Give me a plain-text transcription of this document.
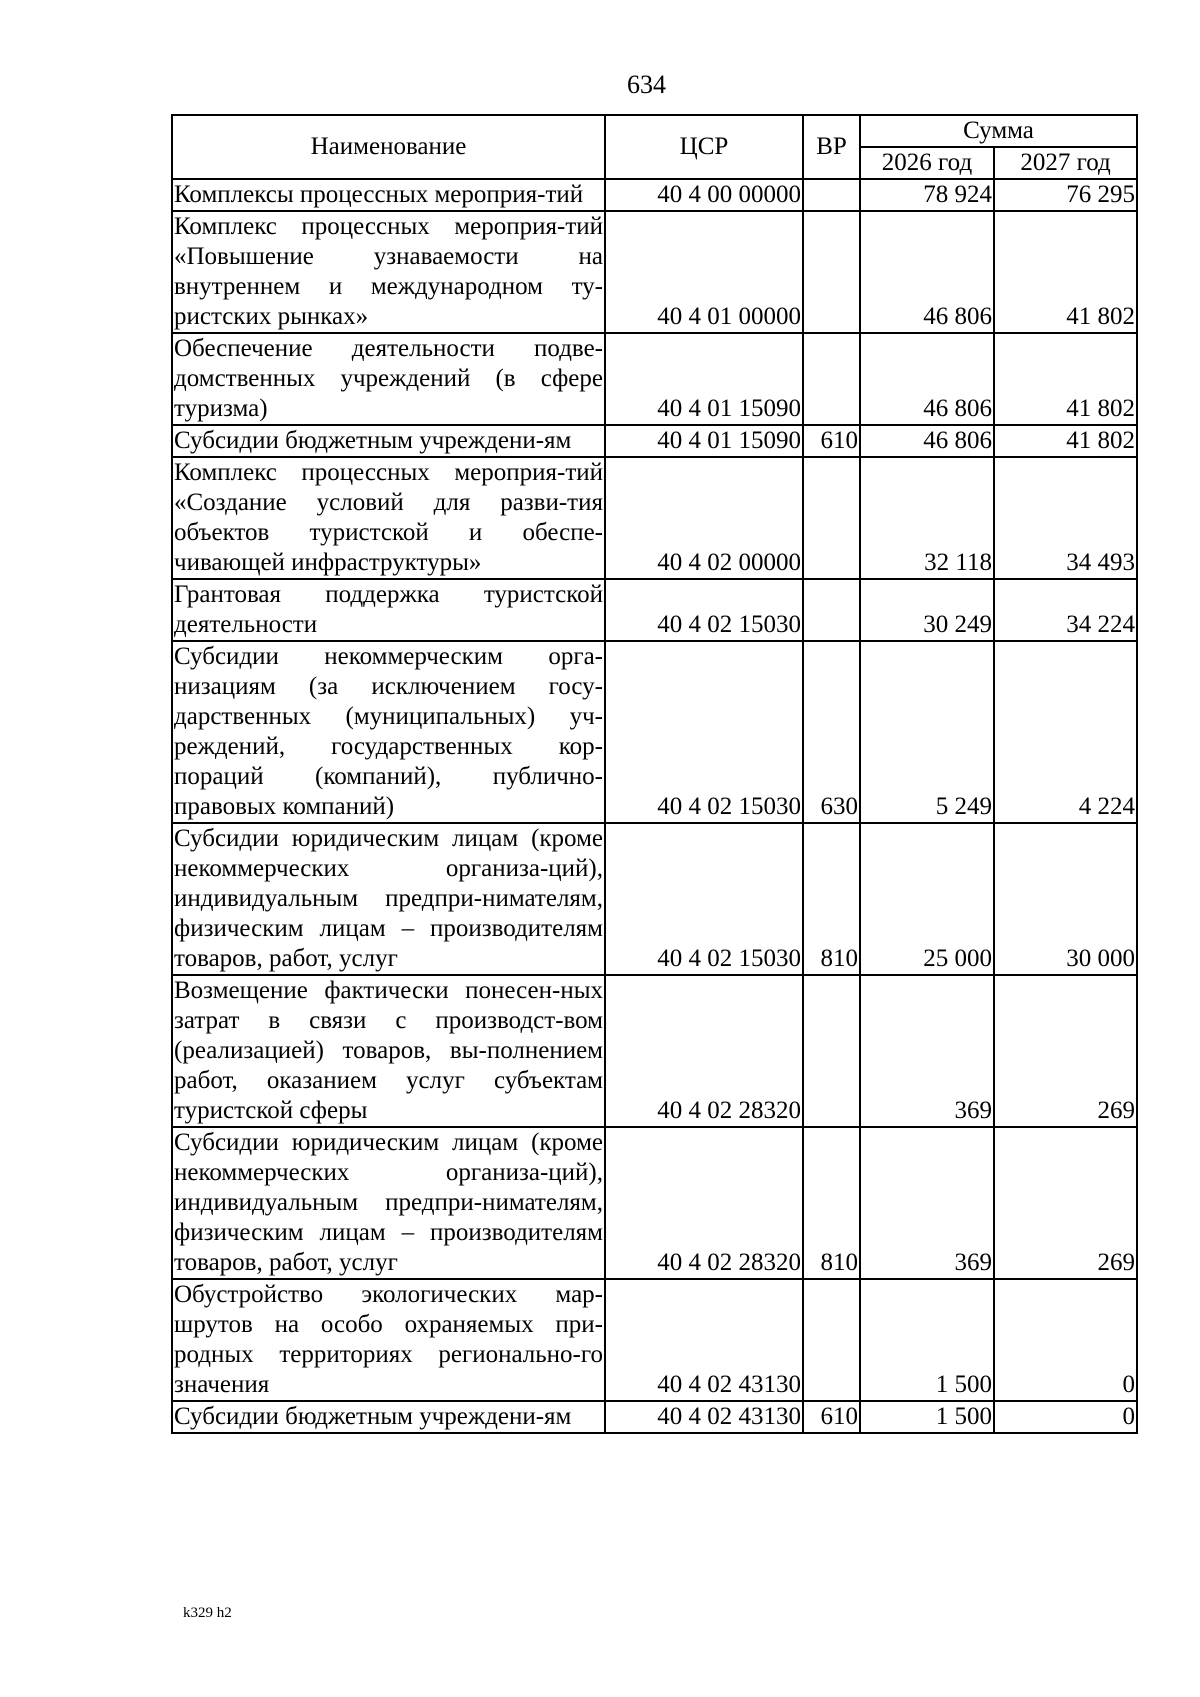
634
Наименование	ЦСР	ВР	Сумма	
			2026 год	2027 год
Комплексы процессных мероприя-тий	40 4 00 00000		78 924	76 295
Комплекс процессных мероприя-тий «Повышение узнаваемости на внутреннем и международном ту-ристских рынках»	40 4 01 00000		46 806	41 802
Обеспечение деятельности подве-домственных учреждений (в сфере туризма)	40 4 01 15090		46 806	41 802
Субсидии бюджетным учреждени-ям	40 4 01 15090	610	46 806	41 802
Комплекс процессных мероприя-тий «Создание условий для разви-тия объектов туристской и обеспе-чивающей инфраструктуры»	40 4 02 00000		32 118	34 493
Грантовая поддержка туристской деятельности	40 4 02 15030		30 249	34 224
Субсидии некоммерческим орга-низациям (за исключением госу-дарственных (муниципальных) уч-реждений, государственных кор-пораций (компаний), публично-правовых компаний)	40 4 02 15030	630	5 249	4 224
Субсидии юридическим лицам (кроме некоммерческих организа-ций), индивидуальным предпри-нимателям, физическим лицам – производителям товаров, работ, услуг	40 4 02 15030	810	25 000	30 000
Возмещение фактически понесен-ных затрат в связи с производст-вом (реализацией) товаров, вы-полнением работ, оказанием услуг субъектам туристской сферы	40 4 02 28320		369	269
Субсидии юридическим лицам (кроме некоммерческих организа-ций), индивидуальным предпри-нимателям, физическим лицам – производителям товаров, работ, услуг	40 4 02 28320	810	369	269
Обустройство экологических мар-шрутов на особо охраняемых при-родных территориях регионально-го значения	40 4 02 43130		1 500	0
Субсидии бюджетным учреждени-ям	40 4 02 43130	610	1 500	0
k329 h2
